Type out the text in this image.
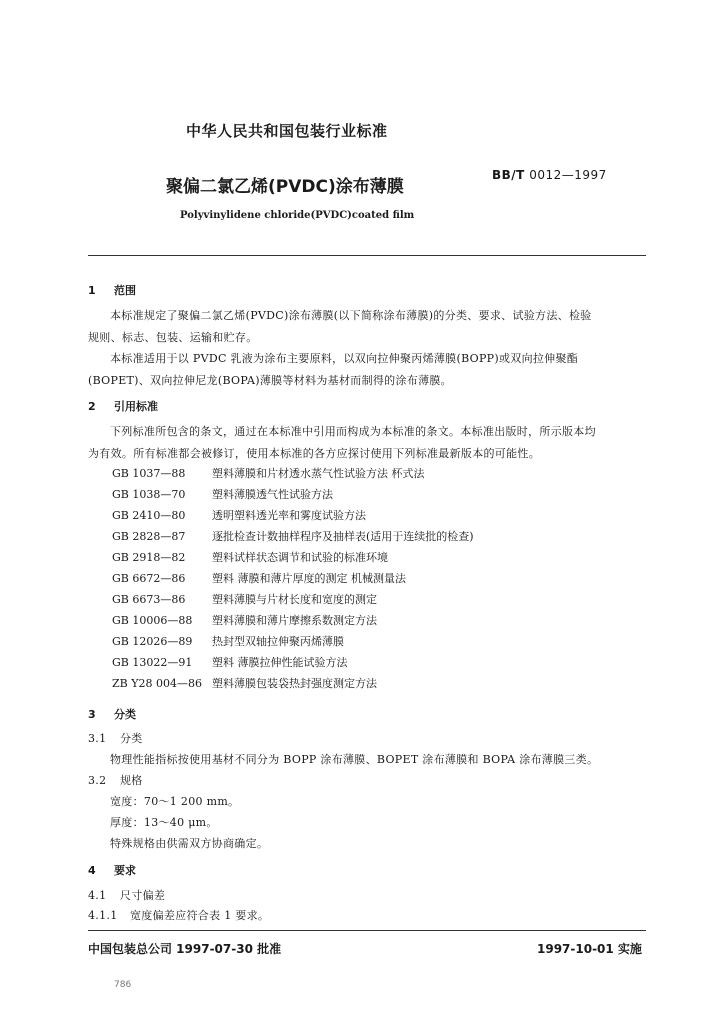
中华人民共和国包装行业标准
聚偏二氯乙烯(PVDC)涂布薄膜
BB/T 0012—1997
Polyvinylidene chloride(PVDC)coated film
1 范围
本标准规定了聚偏二氯乙烯(PVDC)涂布薄膜(以下简称涂布薄膜)的分类、要求、试验方法、检验
规则、标志、包装、运输和贮存。
本标准适用于以 PVDC 乳液为涂布主要原料，以双向拉伸聚丙烯薄膜(BOPP)或双向拉伸聚酯
(BOPET)、双向拉伸尼龙(BOPA)薄膜等材料为基材而制得的涂布薄膜。
2 引用标准
下列标准所包含的条文，通过在本标准中引用而构成为本标准的条文。本标准出版时，所示版本均
为有效。所有标准都会被修订，使用本标准的各方应探讨使用下列标准最新版本的可能性。
GB 1037—88 塑料薄膜和片材透水蒸气性试验方法 杯式法
GB 1038—70 塑料薄膜透气性试验方法
GB 2410—80 透明塑料透光率和雾度试验方法
GB 2828—87 逐批检查计数抽样程序及抽样表(适用于连续批的检查)
GB 2918—82 塑料试样状态调节和试验的标准环境
GB 6672—86 塑料 薄膜和薄片厚度的测定 机械测量法
GB 6673—86 塑料薄膜与片材长度和宽度的测定
GB 10006—88 塑料薄膜和薄片摩擦系数测定方法
GB 12026—89 热封型双轴拉伸聚丙烯薄膜
GB 13022—91 塑料 薄膜拉伸性能试验方法
ZB Y28 004—86 塑料薄膜包装袋热封强度测定方法
3 分类
3.1 分类
物理性能指标按使用基材不同分为 BOPP 涂布薄膜、BOPET 涂布薄膜和 BOPA 涂布薄膜三类。
3.2 规格
宽度：70～1 200 mm。
厚度：13～40 μm。
特殊规格由供需双方协商确定。
4 要求
4.1 尺寸偏差
4.1.1 宽度偏差应符合表 1 要求。
中国包装总公司 1997-07-30 批准	1997-10-01 实施
786
